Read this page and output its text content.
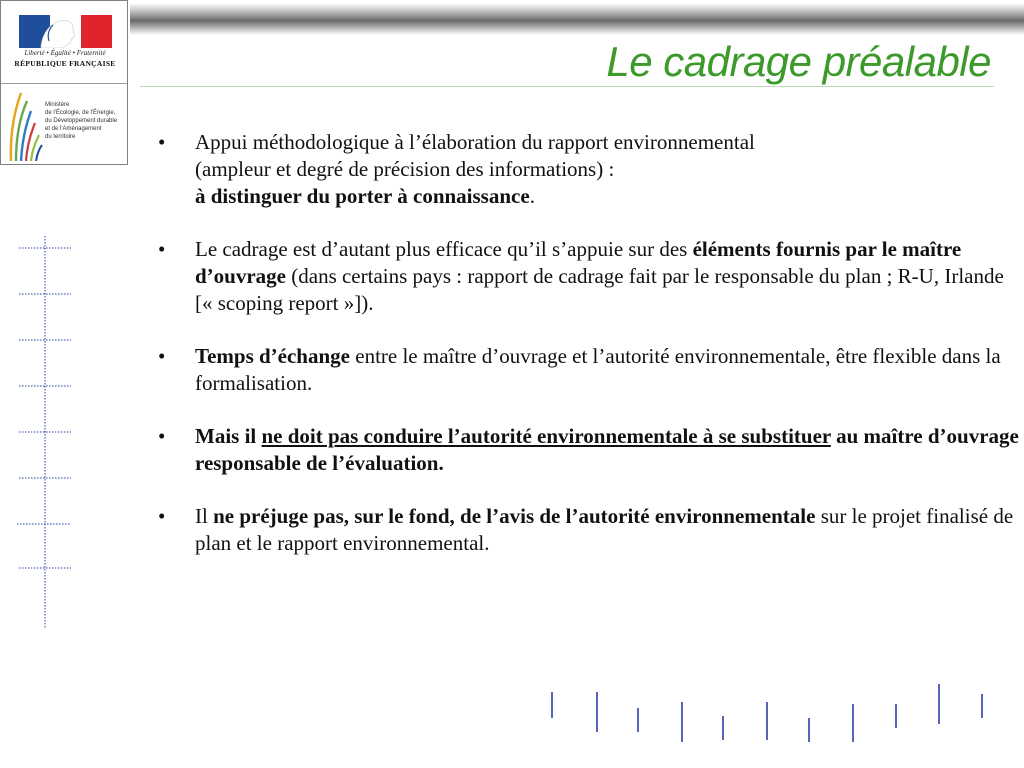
Liberté • Égalité • Fraternité
RÉPUBLIQUE FRANÇAISE
Ministère
de l'Écologie, de l'Énergie,
du Développement durable
et de l'Aménagement
du territoire
Le cadrage préalable
• Appui méthodologique à l’élaboration du rapport environnemental
(ampleur et degré de précision des informations) :
à distinguer du porter à connaissance.

• Le cadrage est d’autant plus efficace qu’il s’appuie sur des éléments fournis par le maître d’ouvrage (dans certains pays : rapport de cadrage fait par le responsable du plan ; R-U, Irlande [« scoping report »]).

• Temps d’échange entre le maître d’ouvrage et l’autorité environnementale, être flexible dans la formalisation.

• Mais il ne doit pas conduire l’autorité environnementale à se substituer au maître d’ouvrage responsable de l’évaluation.

• Il ne préjuge pas, sur le fond, de l’avis de l’autorité environnementale sur le projet finalisé de plan et le rapport environnemental.
